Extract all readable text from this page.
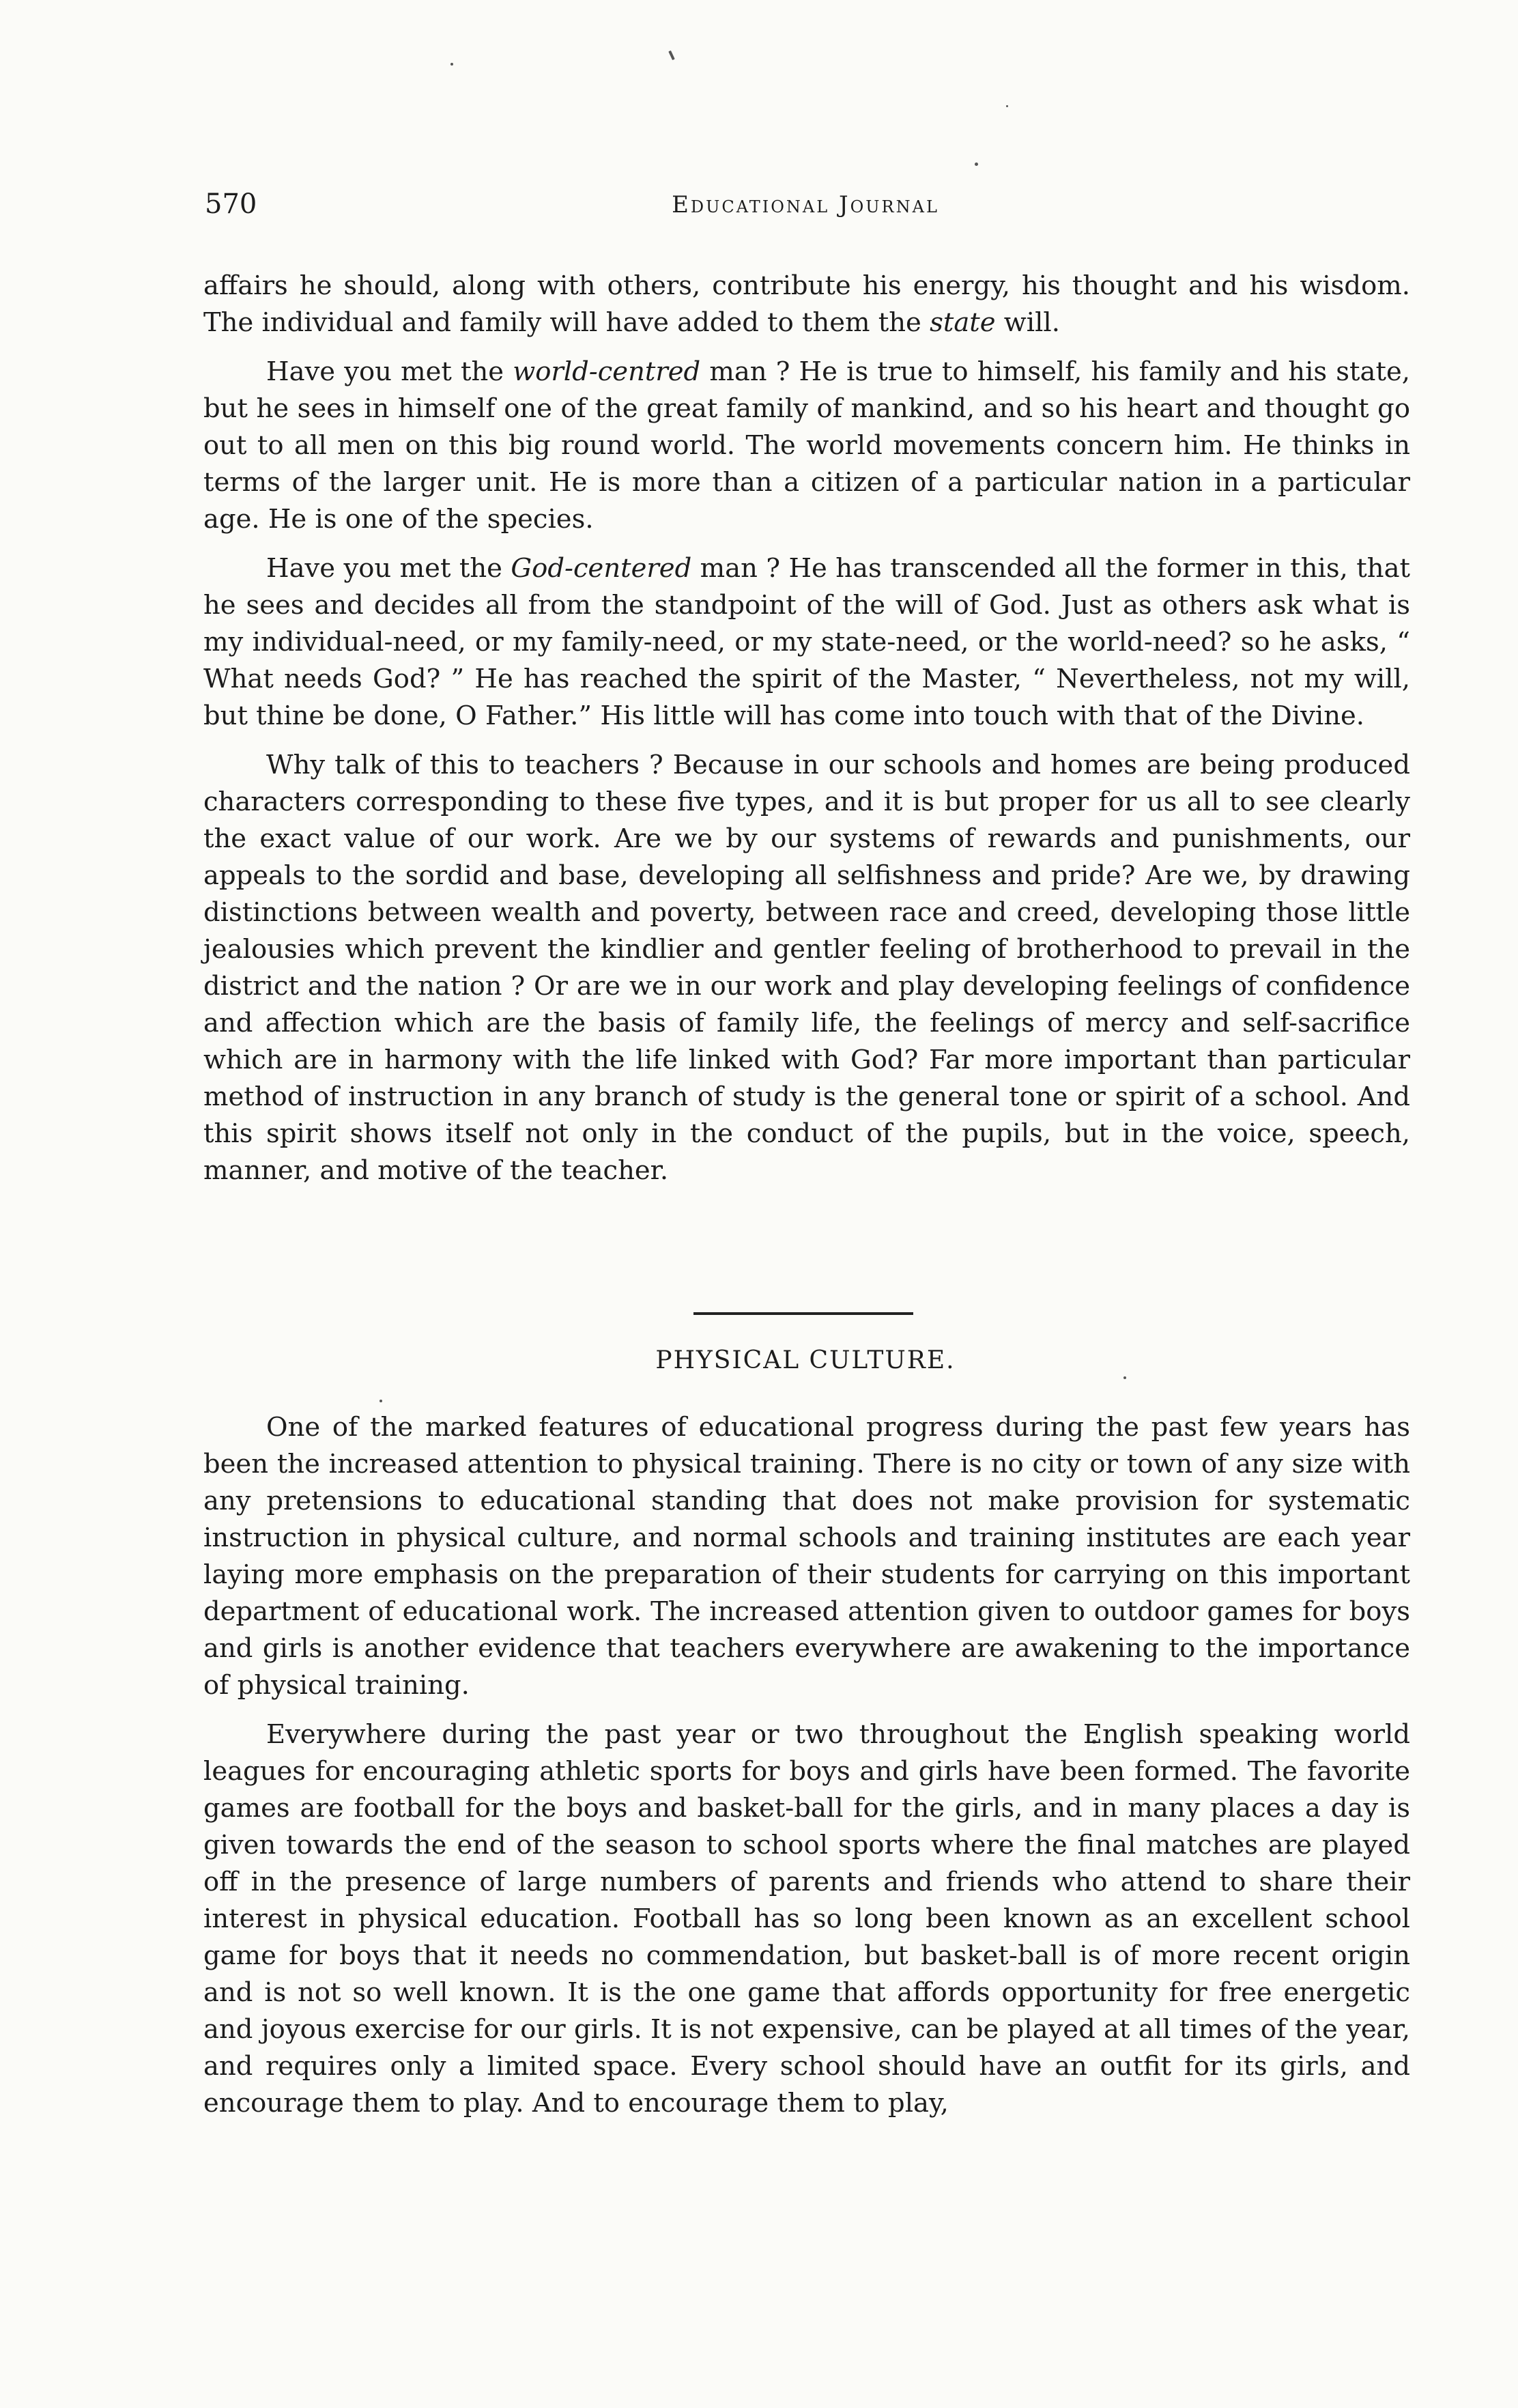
570	Educational Journal

affairs he should, along with others, contribute his energy, his thought and his wisdom. The individual and family will have added to them the state will.

Have you met the world-centred man ? He is true to himself, his family and his state, but he sees in himself one of the great family of mankind, and so his heart and thought go out to all men on this big round world. The world movements concern him. He thinks in terms of the larger unit. He is more than a citizen of a particular nation in a particular age. He is one of the species.

Have you met the God-centered man ? He has transcended all the former in this, that he sees and decides all from the standpoint of the will of God. Just as others ask what is my individual-need, or my family-need, or my state-need, or the world-need? so he asks, “ What needs God? ” He has reached the spirit of the Master, “ Nevertheless, not my will, but thine be done, O Father.” His little will has come into touch with that of the Divine.

Why talk of this to teachers ? Because in our schools and homes are being produced characters corresponding to these five types, and it is but proper for us all to see clearly the exact value of our work. Are we by our systems of rewards and punishments, our appeals to the sordid and base, developing all selfishness and pride? Are we, by drawing distinctions between wealth and poverty, between race and creed, developing those little jealousies which prevent the kindlier and gentler feeling of brotherhood to prevail in the district and the nation ? Or are we in our work and play developing feelings of confidence and affection which are the basis of family life, the feelings of mercy and self-sacrifice which are in harmony with the life linked with God? Far more important than particular method of instruction in any branch of study is the general tone or spirit of a school. And this spirit shows itself not only in the conduct of the pupils, but in the voice, speech, manner, and motive of the teacher.

PHYSICAL CULTURE.

One of the marked features of educational progress during the past few years has been the increased attention to physical training. There is no city or town of any size with any pretensions to educational standing that does not make provision for systematic instruction in physical culture, and normal schools and training institutes are each year laying more emphasis on the preparation of their students for carrying on this important department of educational work. The increased attention given to outdoor games for boys and girls is another evidence that teachers everywhere are awakening to the importance of physical training.

Everywhere during the past year or two throughout the English speaking world leagues for encouraging athletic sports for boys and girls have been formed. The favorite games are football for the boys and basket-ball for the girls, and in many places a day is given towards the end of the season to school sports where the final matches are played off in the presence of large numbers of parents and friends who attend to share their interest in physical education. Football has so long been known as an excellent school game for boys that it needs no commendation, but basket-ball is of more recent origin and is not so well known. It is the one game that affords opportunity for free energetic and joyous exercise for our girls. It is not expensive, can be played at all times of the year, and requires only a limited space. Every school should have an outfit for its girls, and encourage them to play. And to encourage them to play,
